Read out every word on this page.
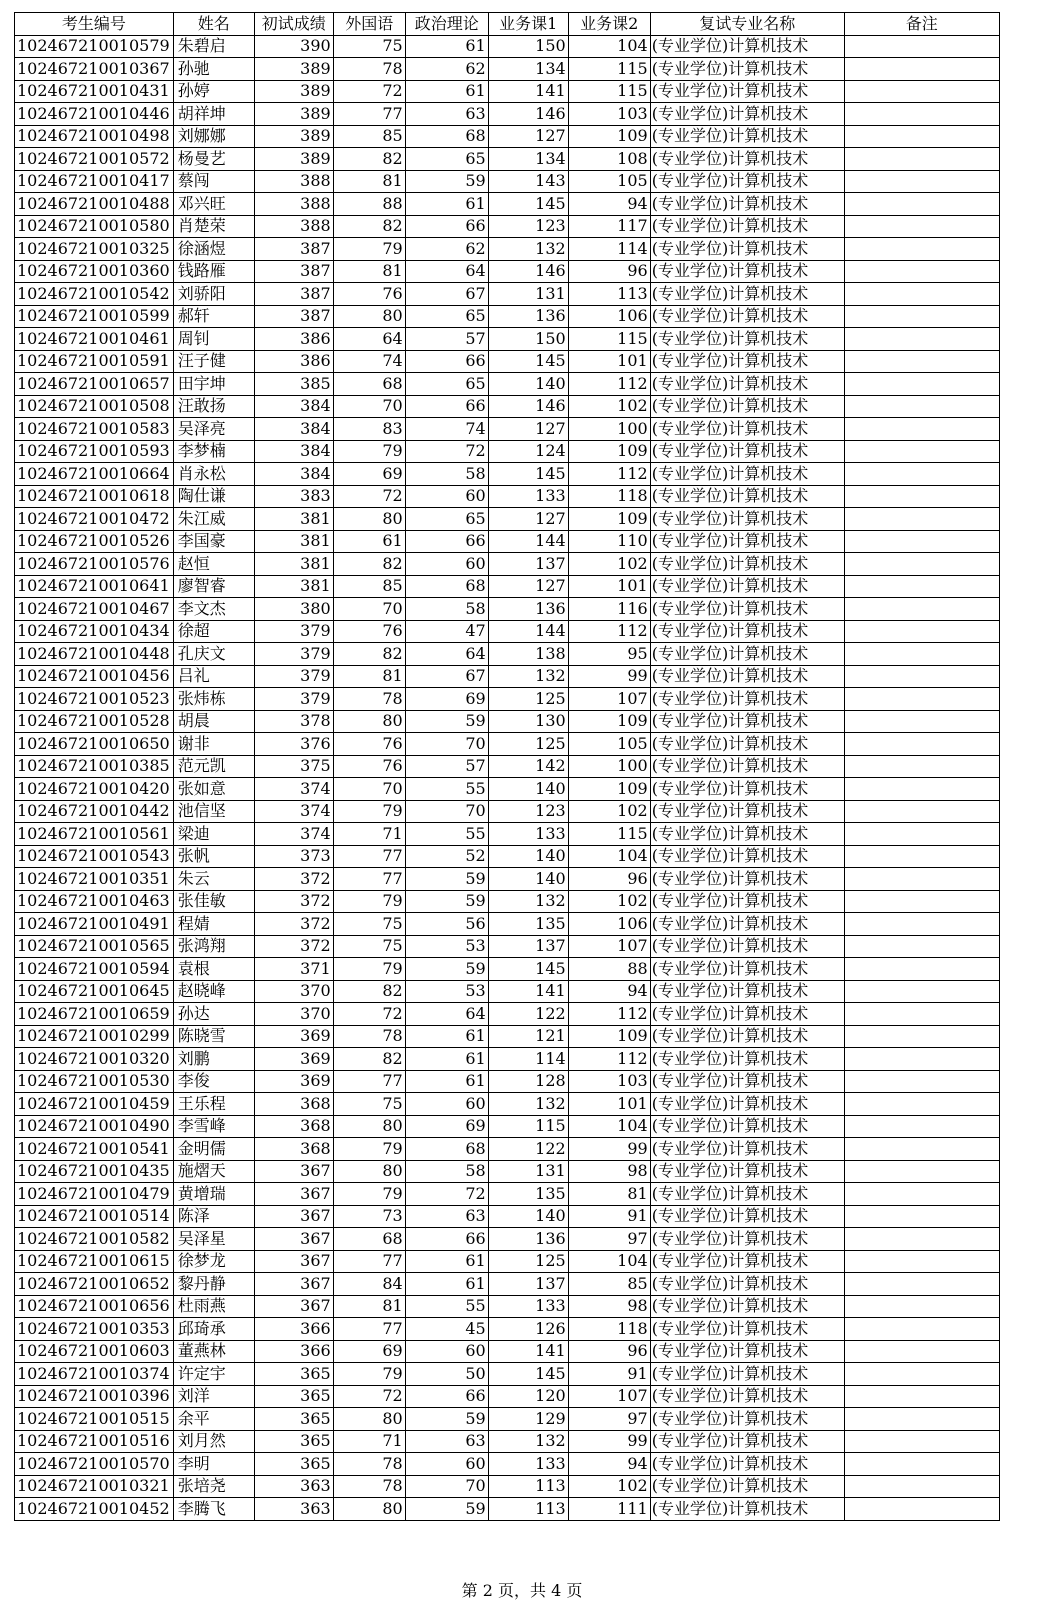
考生编号	姓名	初试成绩	外国语	政治理论	业务课1	业务课2	复试专业名称	备注
102467210010579	朱碧启	390	75	61	150	104	(专业学位)计算机技术	
102467210010367	孙驰	389	78	62	134	115	(专业学位)计算机技术	
102467210010431	孙婷	389	72	61	141	115	(专业学位)计算机技术	
102467210010446	胡祥坤	389	77	63	146	103	(专业学位)计算机技术	
102467210010498	刘娜娜	389	85	68	127	109	(专业学位)计算机技术	
102467210010572	杨曼艺	389	82	65	134	108	(专业学位)计算机技术	
102467210010417	蔡闯	388	81	59	143	105	(专业学位)计算机技术	
102467210010488	邓兴旺	388	88	61	145	94	(专业学位)计算机技术	
102467210010580	肖楚荣	388	82	66	123	117	(专业学位)计算机技术	
102467210010325	徐涵煜	387	79	62	132	114	(专业学位)计算机技术	
102467210010360	钱路雁	387	81	64	146	96	(专业学位)计算机技术	
102467210010542	刘骄阳	387	76	67	131	113	(专业学位)计算机技术	
102467210010599	郝轩	387	80	65	136	106	(专业学位)计算机技术	
102467210010461	周钊	386	64	57	150	115	(专业学位)计算机技术	
102467210010591	汪子健	386	74	66	145	101	(专业学位)计算机技术	
102467210010657	田宇坤	385	68	65	140	112	(专业学位)计算机技术	
102467210010508	汪敢扬	384	70	66	146	102	(专业学位)计算机技术	
102467210010583	吴泽亮	384	83	74	127	100	(专业学位)计算机技术	
102467210010593	李梦楠	384	79	72	124	109	(专业学位)计算机技术	
102467210010664	肖永松	384	69	58	145	112	(专业学位)计算机技术	
102467210010618	陶仕谦	383	72	60	133	118	(专业学位)计算机技术	
102467210010472	朱江威	381	80	65	127	109	(专业学位)计算机技术	
102467210010526	李国豪	381	61	66	144	110	(专业学位)计算机技术	
102467210010576	赵恒	381	82	60	137	102	(专业学位)计算机技术	
102467210010641	廖智睿	381	85	68	127	101	(专业学位)计算机技术	
102467210010467	李文杰	380	70	58	136	116	(专业学位)计算机技术	
102467210010434	徐超	379	76	47	144	112	(专业学位)计算机技术	
102467210010448	孔庆文	379	82	64	138	95	(专业学位)计算机技术	
102467210010456	吕礼	379	81	67	132	99	(专业学位)计算机技术	
102467210010523	张炜栋	379	78	69	125	107	(专业学位)计算机技术	
102467210010528	胡晨	378	80	59	130	109	(专业学位)计算机技术	
102467210010650	谢非	376	76	70	125	105	(专业学位)计算机技术	
102467210010385	范元凯	375	76	57	142	100	(专业学位)计算机技术	
102467210010420	张如意	374	70	55	140	109	(专业学位)计算机技术	
102467210010442	池信坚	374	79	70	123	102	(专业学位)计算机技术	
102467210010561	梁迪	374	71	55	133	115	(专业学位)计算机技术	
102467210010543	张帆	373	77	52	140	104	(专业学位)计算机技术	
102467210010351	朱云	372	77	59	140	96	(专业学位)计算机技术	
102467210010463	张佳敏	372	79	59	132	102	(专业学位)计算机技术	
102467210010491	程婧	372	75	56	135	106	(专业学位)计算机技术	
102467210010565	张鸿翔	372	75	53	137	107	(专业学位)计算机技术	
102467210010594	袁根	371	79	59	145	88	(专业学位)计算机技术	
102467210010645	赵晓峰	370	82	53	141	94	(专业学位)计算机技术	
102467210010659	孙达	370	72	64	122	112	(专业学位)计算机技术	
102467210010299	陈晓雪	369	78	61	121	109	(专业学位)计算机技术	
102467210010320	刘鹏	369	82	61	114	112	(专业学位)计算机技术	
102467210010530	李俊	369	77	61	128	103	(专业学位)计算机技术	
102467210010459	王乐程	368	75	60	132	101	(专业学位)计算机技术	
102467210010490	李雪峰	368	80	69	115	104	(专业学位)计算机技术	
102467210010541	金明儒	368	79	68	122	99	(专业学位)计算机技术	
102467210010435	施熠天	367	80	58	131	98	(专业学位)计算机技术	
102467210010479	黄增瑞	367	79	72	135	81	(专业学位)计算机技术	
102467210010514	陈泽	367	73	63	140	91	(专业学位)计算机技术	
102467210010582	吴泽星	367	68	66	136	97	(专业学位)计算机技术	
102467210010615	徐梦龙	367	77	61	125	104	(专业学位)计算机技术	
102467210010652	黎丹静	367	84	61	137	85	(专业学位)计算机技术	
102467210010656	杜雨燕	367	81	55	133	98	(专业学位)计算机技术	
102467210010353	邱琦承	366	77	45	126	118	(专业学位)计算机技术	
102467210010603	董燕林	366	69	60	141	96	(专业学位)计算机技术	
102467210010374	许定宇	365	79	50	145	91	(专业学位)计算机技术	
102467210010396	刘洋	365	72	66	120	107	(专业学位)计算机技术	
102467210010515	余平	365	80	59	129	97	(专业学位)计算机技术	
102467210010516	刘月然	365	71	63	132	99	(专业学位)计算机技术	
102467210010570	李明	365	78	60	133	94	(专业学位)计算机技术	
102467210010321	张培尧	363	78	70	113	102	(专业学位)计算机技术	
102467210010452	李腾飞	363	80	59	113	111	(专业学位)计算机技术	
第 2 页，共 4 页
